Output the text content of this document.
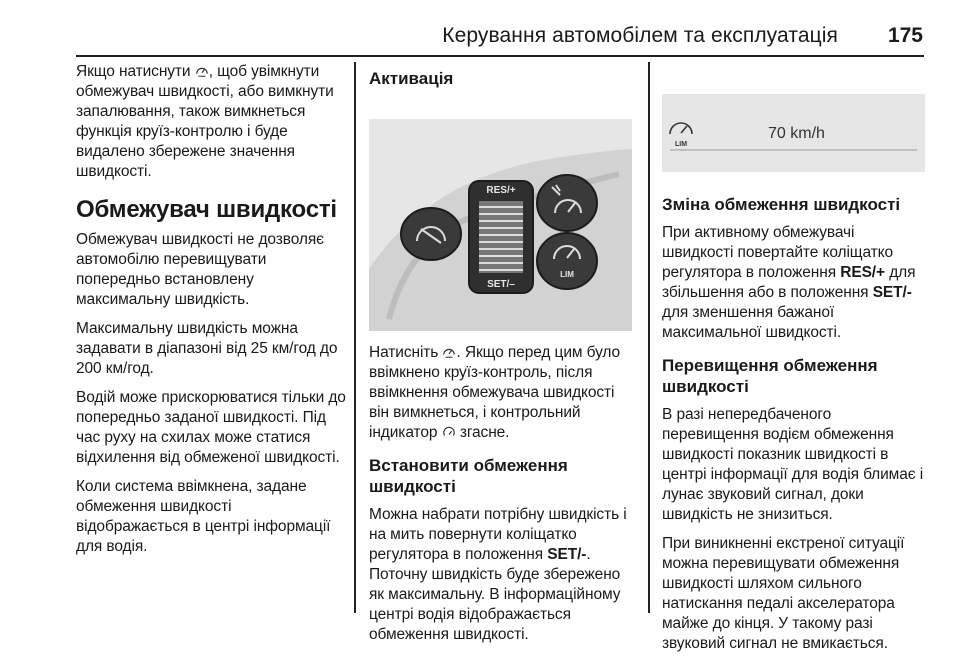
Керування автомобілем та експлуатація 175

Якщо натиснути , щоб увімкнути обмежувач швидкості, або вимкнути запалювання, також вимкнеться функція круїз-контролю і буде видалено збережене значення швидкості.

Обмежувач швидкості

Обмежувач швидкості не дозволяє автомобілю перевищувати попередньо встановлену максимальну швидкість.

Максимальну швидкість можна задавати в діапазоні від 25 км/год до 200 км/год.

Водій може прискорюватися тільки до попередньо заданої швидкості. Під час руху на схилах може статися відхилення від обмеженої швидкості.

Коли система ввімкнена, задане обмеження швидкості відображається в центрі інформації для водія.

Активація
RES/+
SET/–
LIM

Натисніть . Якщо перед цим було ввімкнено круїз-контроль, після ввімкнення обмежувача швидкості він вимкнеться, і контрольний індикатор згасне.

Встановити обмеження швидкості

Можна набрати потрібну швидкість і на мить повернути коліщатко регулятора в положення SET/-. Поточну швидкість буде збережено як максимальну. В інформаційному центрі водія відображається обмеження швидкості.

LIM
70 km/h
Зміна обмеження швидкості

При активному обмежувачі швидкості повертайте коліщатко регулятора в положення RES/+ для збільшення або в положення SET/- для зменшення бажаної максимальної швидкості.

Перевищення обмеження швидкості

В разі непередбаченого перевищення водієм обмеження швидкості показник швидкості в центрі інформації для водія блимає і лунає звуковий сигнал, доки швидкість не знизиться.

При виникненні екстреної ситуації можна перевищувати обмеження швидкості шляхом сильного натискання педалі акселератора майже до кінця. У такому разі звуковий сигнал не вмикається.
